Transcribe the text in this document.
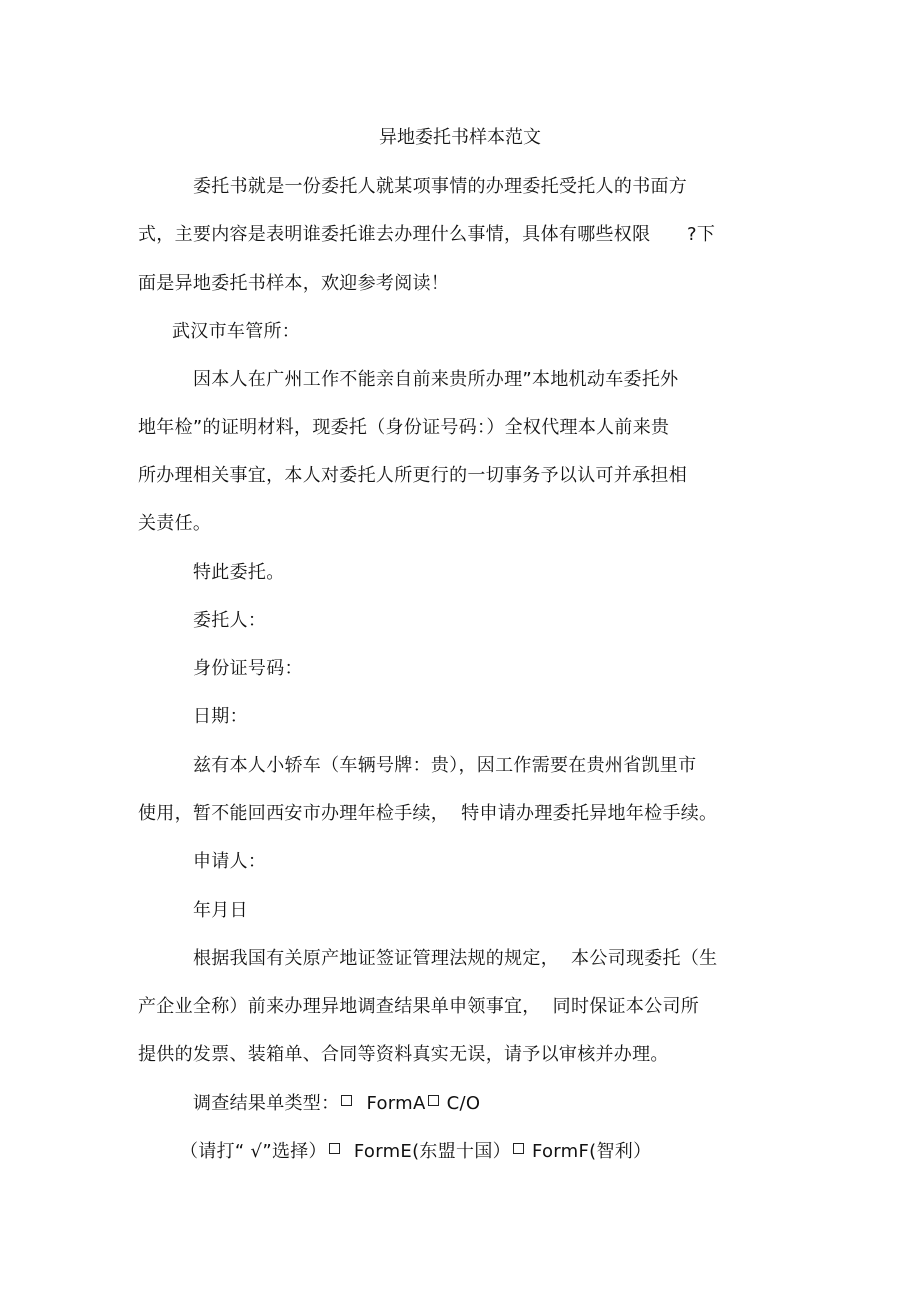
异地委托书样本范文
委托书就是一份委托人就某项事情的办理委托受托人的书面方
式，主要内容是表明谁委托谁去办理什么事情，具体有哪些权限　　?下
面是异地委托书样本，欢迎参考阅读！
武汉市车管所：
因本人在广州工作不能亲自前来贵所办理”本地机动车委托外
地年检”的证明材料，现委托（身份证号码：）全权代理本人前来贵
所办理相关事宜，本人对委托人所更行的一切事务予以认可并承担相
关责任。
特此委托。
委托人：
身份证号码：
日期：
兹有本人小轿车（车辆号牌：贵），因工作需要在贵州省凯里市
使用，暂不能回西安市办理年检手续，  特申请办理委托异地年检手续。
申请人：
年月日
根据我国有关原产地证签证管理法规的规定，  本公司现委托（生
产企业全称）前来办理异地调查结果单申领事宜，  同时保证本公司所
提供的发票、装箱单、合同等资料真实无误，请予以审核并办理。
调查结果单类型： FormA C/O
（请打“ √”选择） FormE(东盟十国） FormF(智利）
